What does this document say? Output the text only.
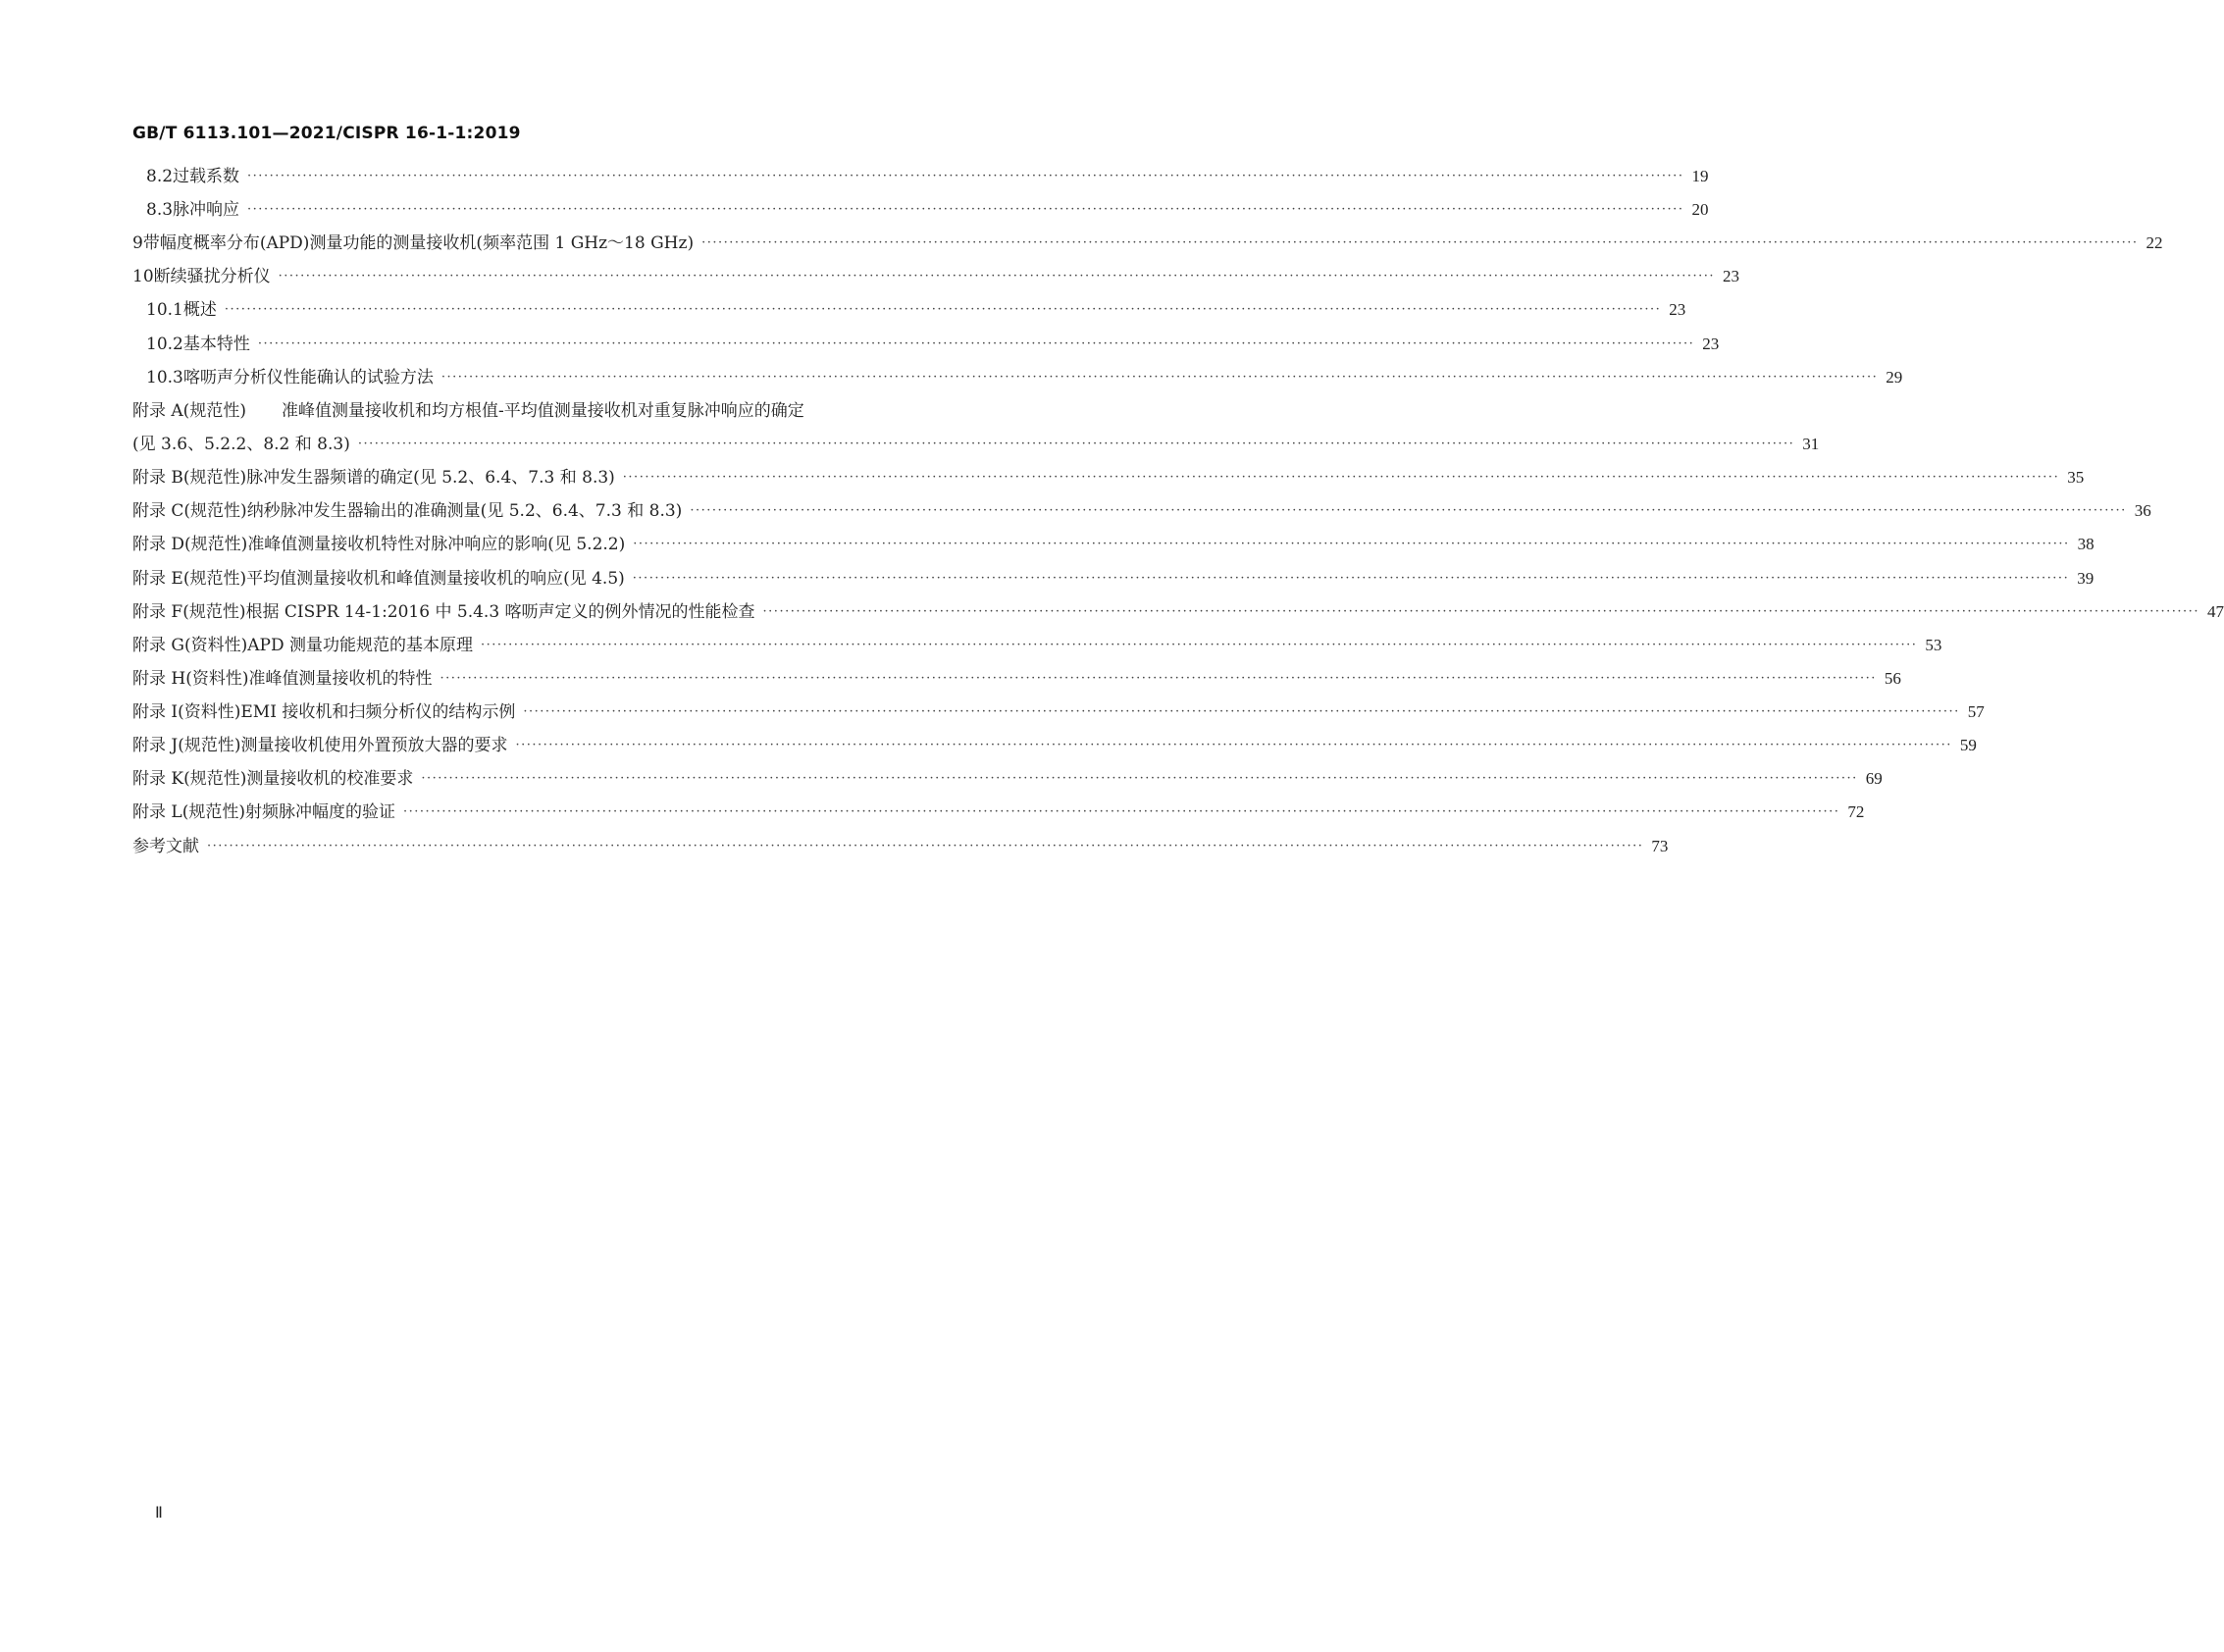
GB/T 6113.101—2021/CISPR 16-1-1:2019
8.2 过载系数 ···································································································································································································································································· 19
8.3 脉冲响应 ···································································································································································································································································· 20
9 带幅度概率分布(APD)测量功能的测量接收机(频率范围 1 GHz～18 GHz) ···································································································································································································································································· 22
10 断续骚扰分析仪 ···································································································································································································································································· 23
10.1 概述 ···································································································································································································································································· 23
10.2 基本特性 ···································································································································································································································································· 23
10.3 喀呖声分析仪性能确认的试验方法 ···································································································································································································································································· 29
附录 A(规范性)	准峰值测量接收机和均方根值-平均值测量接收机对重复脉冲响应的确定
(见 3.6、5.2.2、8.2 和 8.3) ···································································································································································································································································· 31
附录 B(规范性) 脉冲发生器频谱的确定(见 5.2、6.4、7.3 和 8.3) ···································································································································································································································································· 35
附录 C(规范性) 纳秒脉冲发生器输出的准确测量(见 5.2、6.4、7.3 和 8.3) ···································································································································································································································································· 36
附录 D(规范性) 准峰值测量接收机特性对脉冲响应的影响(见 5.2.2) ···································································································································································································································································· 38
附录 E(规范性) 平均值测量接收机和峰值测量接收机的响应(见 4.5) ···································································································································································································································································· 39
附录 F(规范性) 根据 CISPR 14-1:2016 中 5.4.3 喀呖声定义的例外情况的性能检查 ···································································································································································································································································· 47
附录 G(资料性) APD 测量功能规范的基本原理 ···································································································································································································································································· 53
附录 H(资料性) 准峰值测量接收机的特性 ···································································································································································································································································· 56
附录 I(资料性) EMI 接收机和扫频分析仪的结构示例 ···································································································································································································································································· 57
附录 J(规范性) 测量接收机使用外置预放大器的要求 ···································································································································································································································································· 59
附录 K(规范性) 测量接收机的校准要求 ···································································································································································································································································· 69
附录 L(规范性) 射频脉冲幅度的验证 ···································································································································································································································································· 72
参考文献 ···································································································································································································································································· 73
Ⅱ
